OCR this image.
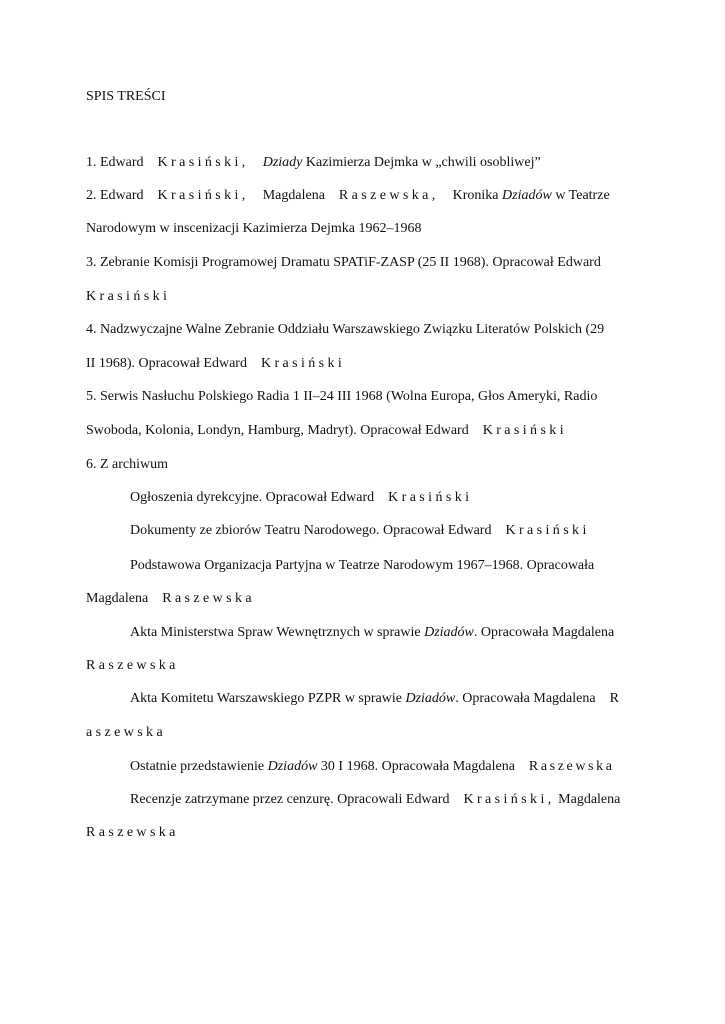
SPIS TREŚCI
1. Edward Krasiński, Dziady Kazimierza Dejmka w „chwili osobliwej”
2. Edward Krasiński, Magdalena Raszewska, Kronika Dziadów w Teatrze
Narodowym w inscenizacji Kazimierza Dejmka 1962–1968
3. Zebranie Komisji Programowej Dramatu SPATiF-ZASP (25 II 1968). Opracował Edward
Krasiński
4. Nadzwyczajne Walne Zebranie Oddziału Warszawskiego Związku Literatów Polskich (29
II 1968). Opracował Edward Krasiński
5. Serwis Nasłuchu Polskiego Radia 1 II–24 III 1968 (Wolna Europa, Głos Ameryki, Radio
Swoboda, Kolonia, Londyn, Hamburg, Madryt). Opracował Edward Krasiński
6. Z archiwum
Ogłoszenia dyrekcyjne. Opracował Edward Krasiński
Dokumenty ze zbiorów Teatru Narodowego. Opracował Edward Krasiński
Podstawowa Organizacja Partyjna w Teatrze Narodowym 1967–1968. Opracowała
Magdalena Raszewska
Akta Ministerstwa Spraw Wewnętrznych w sprawie Dziadów. Opracowała Magdalena
Raszewska
Akta Komitetu Warszawskiego PZPR w sprawie Dziadów. Opracowała Magdalena R
aszewska
Ostatnie przedstawienie Dziadów 30 I 1968. Opracowała Magdalena Raszewska
Recenzje zatrzymane przez cenzurę. Opracowali Edward Krasiński, Magdalena
Raszewska
